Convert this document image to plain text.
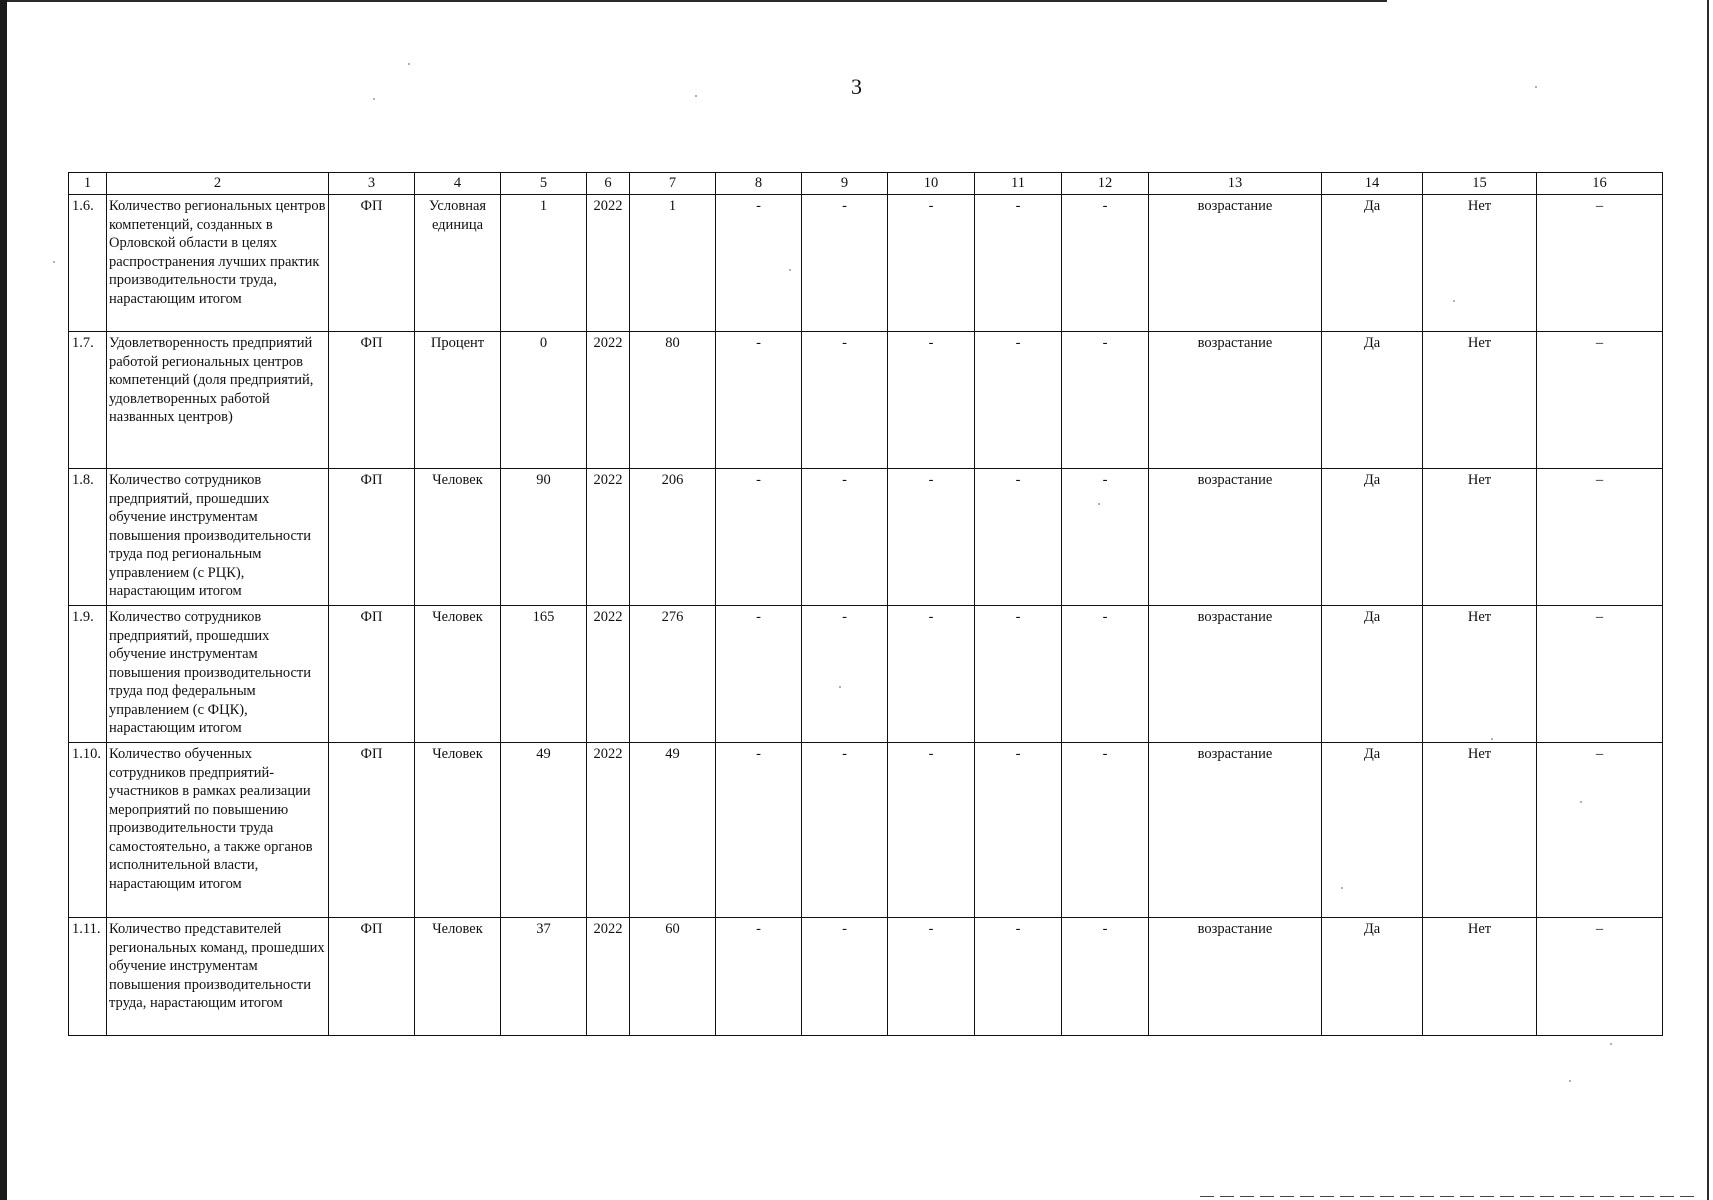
3
1	2	3	4	5	6	7	8	9	10	11	12	13	14	15	16
1.6.	Количество региональных центров компетенций, созданных в Орловской области в целях распространения лучших практик производительности труда, нарастающим итогом	ФП	Условная единица	1	2022	1	-	-	-	-	-	возрастание	Да	Нет	–
1.7.	Удовлетворенность предприятий работой региональных центров компетенций (доля предприятий, удовлетворенных работой названных центров)	ФП	Процент	0	2022	80	-	-	-	-	-	возрастание	Да	Нет	–
1.8.	Количество сотрудников предприятий, прошедших обучение инструментам повышения производительности труда под региональным управлением (с РЦК), нарастающим итогом	ФП	Человек	90	2022	206	-	-	-	-	-	возрастание	Да	Нет	–
1.9.	Количество сотрудников предприятий, прошедших обучение инструментам повышения производительности труда под федеральным управлением (с ФЦК), нарастающим итогом	ФП	Человек	165	2022	276	-	-	-	-	-	возрастание	Да	Нет	–
1.10.	Количество обученных сотрудников предприятий-участников в рамках реализации мероприятий по повышению производительности труда самостоятельно, а также органов исполнительной власти, нарастающим итогом	ФП	Человек	49	2022	49	-	-	-	-	-	возрастание	Да	Нет	–
1.11.	Количество представителей региональных команд, прошедших обучение инструментам повышения производительности труда, нарастающим итогом	ФП	Человек	37	2022	60	-	-	-	-	-	возрастание	Да	Нет	–
